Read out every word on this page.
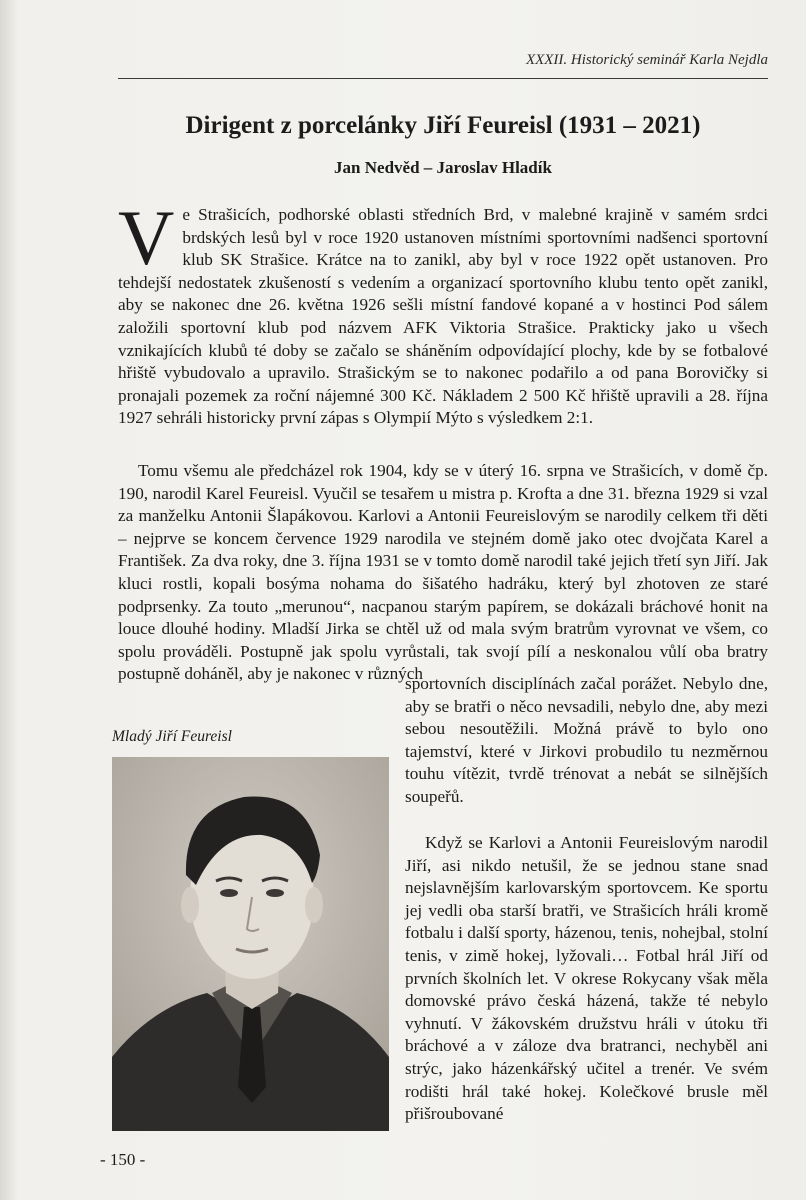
XXXII. Historický seminář Karla Nejdla
Dirigent z porcelánky Jiří Feureisl (1931 – 2021)
Jan Nedvěd – Jaroslav Hladík
V e Strašicích, podhorské oblasti středních Brd, v malebné krajině v samém srdci brdských lesů byl v roce 1920 ustanoven místními sportovními nadšenci sportovní klub SK Strašice. Krátce na to zanikl, aby byl v roce 1922 opět ustanoven. Pro tehdejší nedostatek zkušeností s vedením a organizací sportovního klubu tento opět zanikl, aby se nakonec dne 26. května 1926 sešli místní fandové kopané a v hostinci Pod sálem založili sportovní klub pod názvem AFK Viktoria Strašice. Prakticky jako u všech vznikajících klubů té doby se začalo se sháněním odpovídající plochy, kde by se fotbalové hřiště vybudovalo a upravilo. Strašickým se to nakonec podařilo a od pana Borovičky si pronajali pozemek za roční nájemné 300 Kč. Nákladem 2 500 Kč hřiště upravili a 28. října 1927 sehráli historicky první zápas s Olympií Mýto s výsledkem 2:1.
Tomu všemu ale předcházel rok 1904, kdy se v úterý 16. srpna ve Strašicích, v domě čp. 190, narodil Karel Feureisl. Vyučil se tesařem u mistra p. Krofta a dne 31. března 1929 si vzal za manželku Antonii Šlapákovou. Karlovi a Antonii Feureislovým se narodily celkem tři děti – nejprve se koncem července 1929 narodila ve stejném domě jako otec dvojčata Karel a František. Za dva roky, dne 3. října 1931 se v tomto domě narodil také jejich třetí syn Jiří. Jak kluci rostli, kopali bosýma nohama do šišatého hadráku, který byl zhotoven ze staré podprsenky. Za touto „merunou“, nacpanou starým papírem, se dokázali bráchové honit na louce dlouhé hodiny. Mladší Jirka se chtěl už od mala svým bratrům vyrovnat ve všem, co spolu prováděli. Postupně jak spolu vyrůstali, tak svojí pílí a neskonalou vůlí oba bratry postupně doháněl, aby je nakonec v různých
Mladý Jiří Feureisl
sportovních disciplínách začal porážet. Nebylo dne, aby se bratři o něco nevsadili, nebylo dne, aby mezi sebou nesoutěžili. Možná právě to bylo ono tajemství, které v Jirkovi probudilo tu nezměrnou touhu vítězit, tvrdě trénovat a nebát se silnějších soupeřů.
Když se Karlovi a Antonii Feureislovým narodil Jiří, asi nikdo netušil, že se jednou stane snad nejslavnějším karlovarským sportovcem. Ke sportu jej vedli oba starší bratři, ve Strašicích hráli kromě fotbalu i další sporty, házenou, tenis, nohejbal, stolní tenis, v zimě hokej, lyžovali… Fotbal hrál Jiří od prvních školních let. V okrese Rokycany však měla domovské právo česká házená, takže té nebylo vyhnutí. V žákovském družstvu hráli v útoku tři bráchové a v záloze dva bratranci, nechyběl ani strýc, jako házenkářský učitel a trenér. Ve svém rodišti hrál také hokej. Kolečkové brusle měl přišroubované
- 150 -
